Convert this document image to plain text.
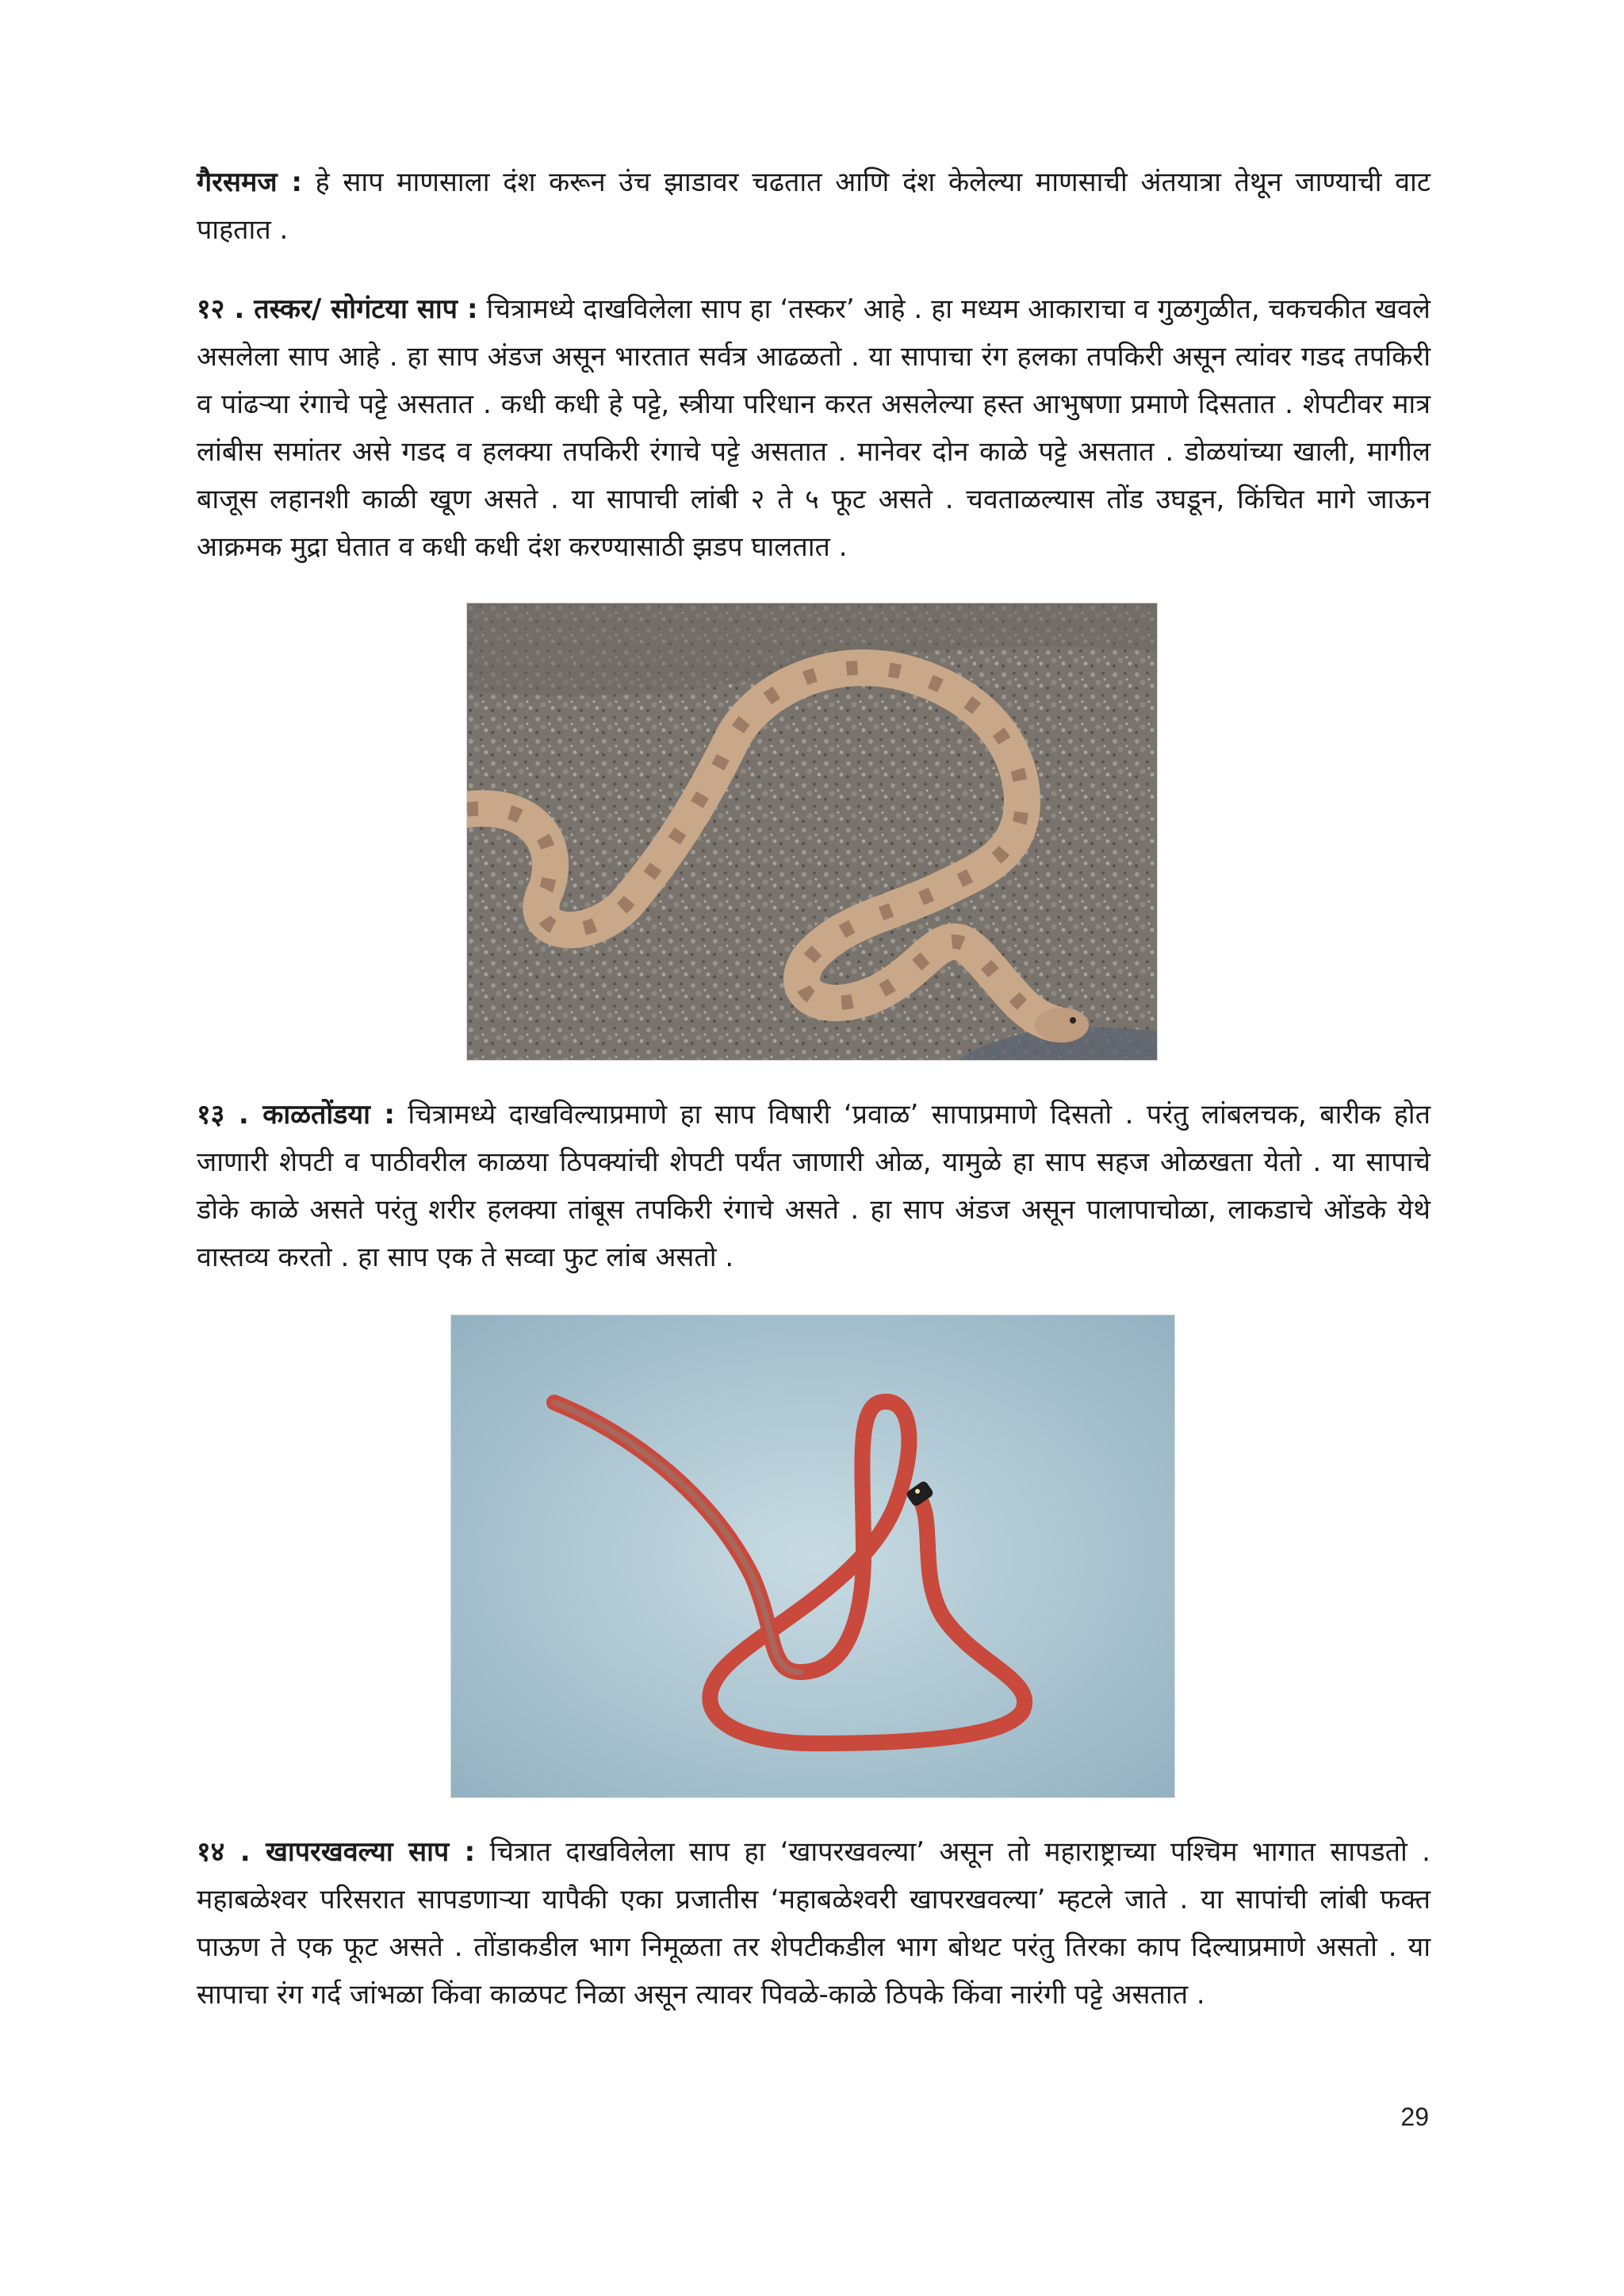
गैरसमज : हे साप माणसाला दंश करून उंच झाडावर चढतात आणि दंश केलेल्या माणसाची अंतयात्रा तेथून जाण्याची वाट पाहतात .

१२ . तस्कर/ सोगंटया साप : चित्रामध्ये दाखविलेला साप हा ‘तस्कर’ आहे . हा मध्यम आकाराचा व गुळगुळीत, चकचकीत खवले असलेला साप आहे . हा साप अंडज असून भारतात सर्वत्र आढळतो . या सापाचा रंग हलका तपकिरी असून त्यांवर गडद तपकिरी व पांढऱ्या रंगाचे पट्टे असतात . कधी कधी हे पट्टे, स्त्रीया परिधान करत असलेल्या हस्त आभुषणा प्रमाणे दिसतात . शेपटीवर मात्र लांबीस समांतर असे गडद व हलक्या तपकिरी रंगाचे पट्टे असतात . मानेवर दोन काळे पट्टे असतात . डोळयांच्या खाली, मागील बाजूस लहानशी काळी खूण असते . या सापाची लांबी २ ते ५ फूट असते . चवताळल्यास तोंड उघडून, किंचित मागे जाऊन आक्रमक मुद्रा घेतात व कधी कधी दंश करण्यासाठी झडप घालतात .

१३ . काळतोंडया : चित्रामध्ये दाखविल्याप्रमाणे हा साप विषारी ‘प्रवाळ’ सापाप्रमाणे दिसतो . परंतु लांबलचक, बारीक होत जाणारी शेपटी व पाठीवरील काळया ठिपक्यांची शेपटी पर्यंत जाणारी ओळ, यामुळे हा साप सहज ओळखता येतो . या सापाचे डोके काळे असते परंतु शरीर हलक्या तांबूस तपकिरी रंगाचे असते . हा साप अंडज असून पालापाचोळा, लाकडाचे ओंडके येथे वास्तव्य करतो . हा साप एक ते सव्वा फुट लांब असतो .

१४ . खापरखवल्या साप : चित्रात दाखविलेला साप हा ‘खापरखवल्या’ असून तो महाराष्ट्राच्या पश्चिम भागात सापडतो . महाबळेश्वर परिसरात सापडणाऱ्या यापैकी एका प्रजातीस ‘महाबळेश्वरी खापरखवल्या’ म्हटले जाते . या सापांची लांबी फक्त पाऊण ते एक फूट असते . तोंडाकडील भाग निमूळता तर शेपटीकडील भाग बोथट परंतु तिरका काप दिल्याप्रमाणे असतो . या सापाचा रंग गर्द जांभळा किंवा काळपट निळा असून त्यावर पिवळे-काळे ठिपके किंवा नारंगी पट्टे असतात .

29
